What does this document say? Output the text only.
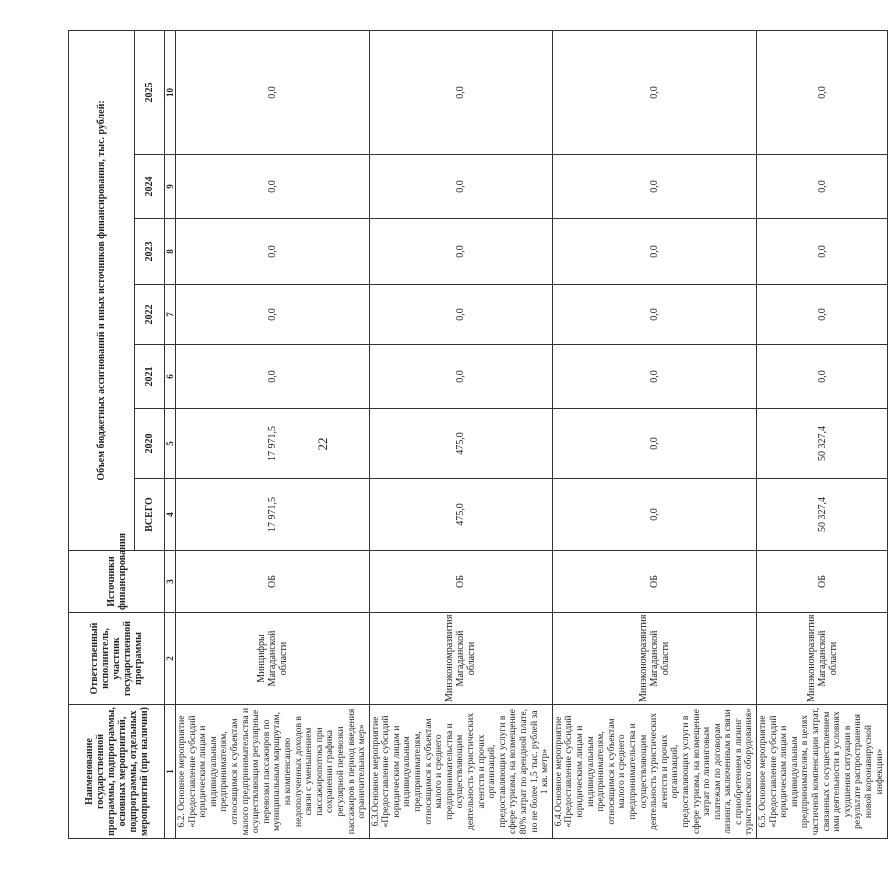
22
Наименование государственной программы, подпрограммы, основных мероприятий, подпрограммы, отдельных мероприятий (при наличии)	Ответственный исполнитель, участник государственной программы	Источники финансирования	Объем бюджетных ассигнований и иных источников финансирования, тыс. рублей:						
			ВСЕГО	2020	2021	2022	2023	2024	2025
1	2	3	4	5	6	7	8	9	10
6.2. Основное мероприятие «Предоставление субсидий юридическим лицам и индивидуальным предпринимателям, относящимся к субъектам малого предпринимательства и осуществляющим регулярные перевозки пассажиров по муниципальным маршрутам, на компенсацию недополученных доходов в связи с уменьшением пассажиропотока при сохранении графика регулярной перевозки пассажиров в период введения ограничительных мер»	Минцифры Магаданской области	ОБ	17 971,5	17 971,5	0,0	0,0	0,0	0,0	0,0
6.3.Основное мероприятие «Предоставление субсидий юридическим лицам и индивидуальным предпринимателям, относящимся к субъектам малого и среднего предпринимательства и осуществляющим деятельность туристических агентств и прочих организаций, предоставляющих услуги в сфере туризма, на возмещение 80% затрат по арендной плате, но не более 1,5 тыс. рублей за 1 кв. метр»	Минэкономразвития Магаданской области	ОБ	475,0	475,0	0,0	0,0	0,0	0,0	0,0
6.4.Основное мероприятие «Предоставление субсидий юридическим лицам и индивидуальным предпринимателям, относящимся к субъектам малого и среднего предпринимательства и осуществляющим деятельность туристических агентств и прочих организаций, предоставляющих услуги в сфере туризма, на возмещение затрат по лизинговым платежам по договорам лизинга, заключенным в связи с приобретением в лизинг туристического оборудования»	Минэкономразвития Магаданской области	ОБ	0,0	0,0	0,0	0,0	0,0	0,0	0,0
6.5. Основное мероприятие «Предоставление субсидий юридическим лицам и индивидуальным предпринимателям, в целях частичной компенсации затрат, связанных с осуществлением ими деятельности в условиях ухудшения ситуации в результате распространения новой коронавирусной инфекции»	Минэкономразвития Магаданской области	ОБ	50 327,4	50 327,4	0,0	0,0	0,0	0,0	0,0
